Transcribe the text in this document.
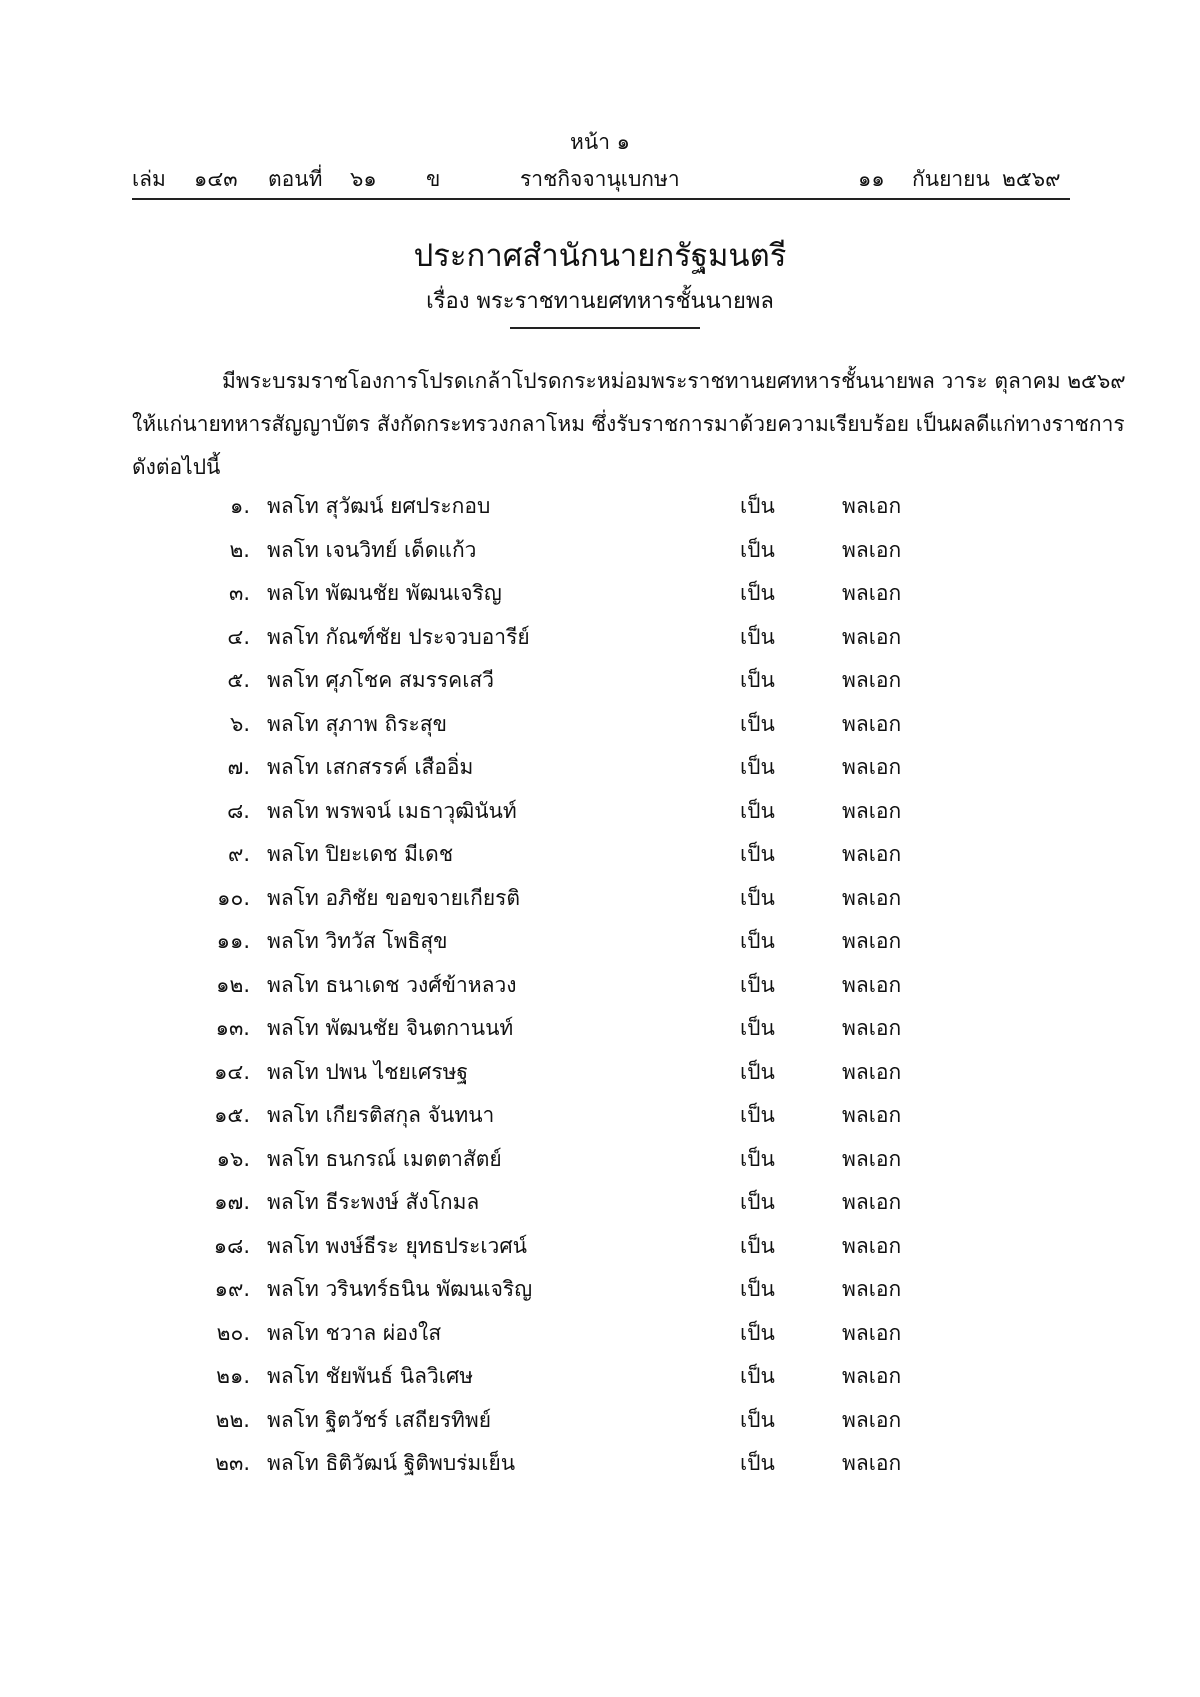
หน้า ๑
เล่ม ๑๔๓ ตอนที่ ๖๑ ข	ราชกิจจานุเบกษา	๑๑ กันยายน ๒๕๖๙
ประกาศสำนักนายกรัฐมนตรี
เรื่อง พระราชทานยศทหารชั้นนายพล
มีพระบรมราชโองการโปรดเกล้าโปรดกระหม่อมพระราชทานยศทหารชั้นนายพล วาระ ตุลาคม ๒๕๖๙
ให้แก่นายทหารสัญญาบัตร สังกัดกระทรวงกลาโหม ซึ่งรับราชการมาด้วยความเรียบร้อย เป็นผลดีแก่ทางราชการ
ดังต่อไปนี้
๑. พลโท สุวัฒน์ ยศประกอบ	เป็น	พลเอก
๒. พลโท เจนวิทย์ เด็ดแก้ว	เป็น	พลเอก
๓. พลโท พัฒนชัย พัฒนเจริญ	เป็น	พลเอก
๔. พลโท กัณฑ์ชัย ประจวบอารีย์	เป็น	พลเอก
๕. พลโท ศุภโชค สมรรคเสวี	เป็น	พลเอก
๖. พลโท สุภาพ ถิระสุข	เป็น	พลเอก
๗. พลโท เสกสรรค์ เสืออิ่ม	เป็น	พลเอก
๘. พลโท พรพจน์ เมธาวุฒินันท์	เป็น	พลเอก
๙. พลโท ปิยะเดช มีเดช	เป็น	พลเอก
๑๐. พลโท อภิชัย ขอขจายเกียรติ	เป็น	พลเอก
๑๑. พลโท วิทวัส โพธิสุข	เป็น	พลเอก
๑๒. พลโท ธนาเดช วงศ์ข้าหลวง	เป็น	พลเอก
๑๓. พลโท พัฒนชัย จินตกานนท์	เป็น	พลเอก
๑๔. พลโท ปพน ไชยเศรษฐ	เป็น	พลเอก
๑๕. พลโท เกียรติสกุล จันทนา	เป็น	พลเอก
๑๖. พลโท ธนกรณ์ เมตตาสัตย์	เป็น	พลเอก
๑๗. พลโท ธีระพงษ์ สังโกมล	เป็น	พลเอก
๑๘. พลโท พงษ์ธีระ ยุทธประเวศน์	เป็น	พลเอก
๑๙. พลโท วรินทร์ธนิน พัฒนเจริญ	เป็น	พลเอก
๒๐. พลโท ชวาล ผ่องใส	เป็น	พลเอก
๒๑. พลโท ชัยพันธ์ นิลวิเศษ	เป็น	พลเอก
๒๒. พลโท ฐิตวัชร์ เสถียรทิพย์	เป็น	พลเอก
๒๓. พลโท ธิติวัฒน์ ฐิติพบร่มเย็น	เป็น	พลเอก
